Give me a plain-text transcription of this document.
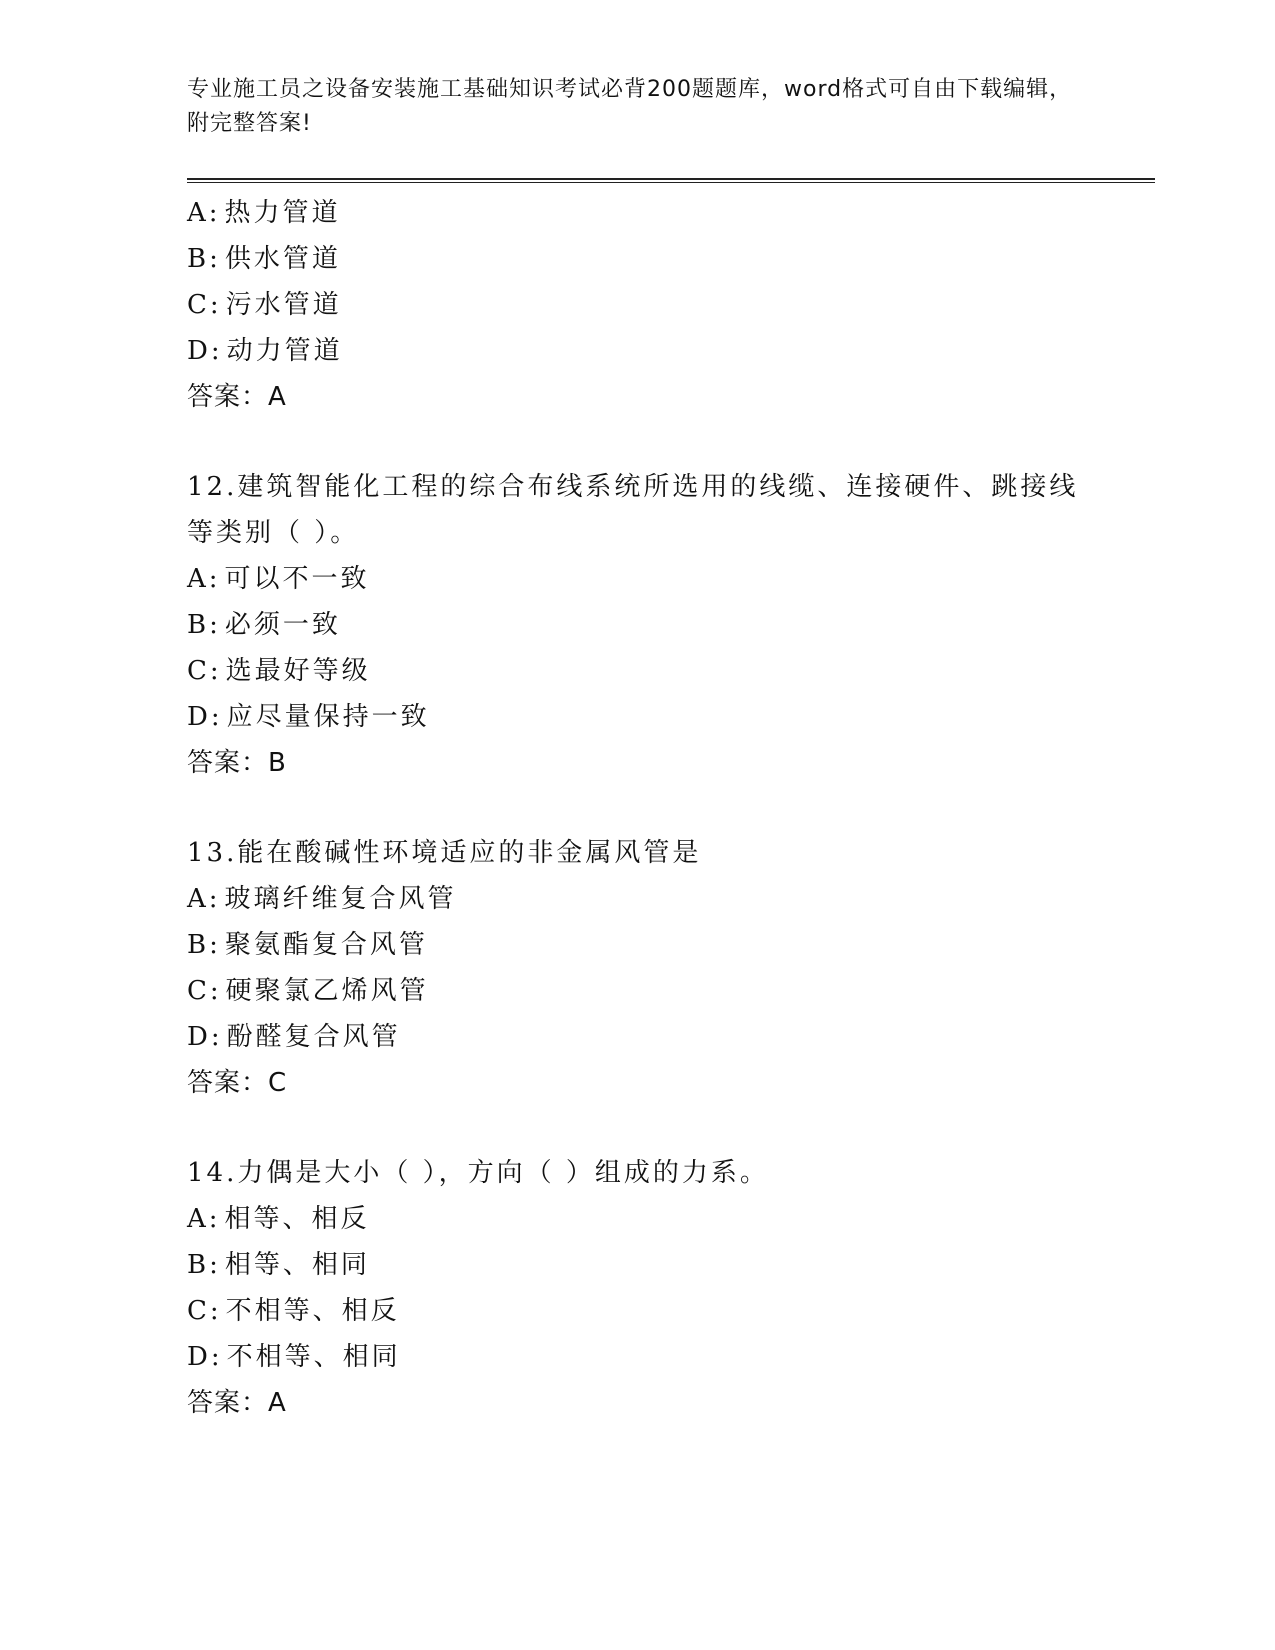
专业施工员之设备安装施工基础知识考试必背200题题库，word格式可自由下载编辑，附完整答案!
A: 热力管道
B: 供水管道
C: 污水管道
D: 动力管道
答案：A
12.建筑智能化工程的综合布线系统所选用的线缆、连接硬件、跳接线等类别（ ）。
A: 可以不一致
B: 必须一致
C: 选最好等级
D: 应尽量保持一致
答案：B
13.能在酸碱性环境适应的非金属风管是
A: 玻璃纤维复合风管
B: 聚氨酯复合风管
C: 硬聚氯乙烯风管
D: 酚醛复合风管
答案：C
14.力偶是大小（ ），方向（ ）组成的力系。
A: 相等、相反
B: 相等、相同
C: 不相等、相反
D: 不相等、相同
答案：A
